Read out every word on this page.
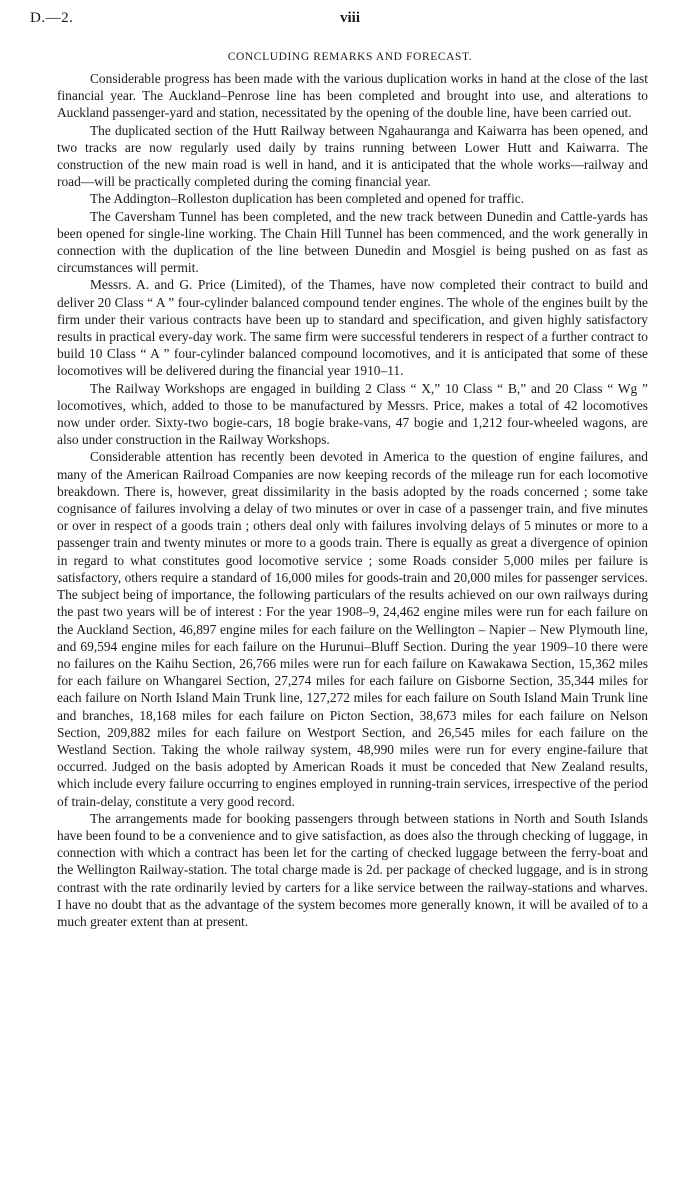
D.—2.	viii
CONCLUDING REMARKS AND FORECAST.

Considerable progress has been made with the various duplication works in hand at the close of the last financial year. The Auckland–Penrose line has been completed and brought into use, and alterations to Auckland passenger-yard and station, necessitated by the opening of the double line, have been carried out.

The duplicated section of the Hutt Railway between Ngahauranga and Kaiwarra has been opened, and two tracks are now regularly used daily by trains running between Lower Hutt and Kaiwarra. The construction of the new main road is well in hand, and it is anticipated that the whole works—railway and road—will be practically completed during the coming financial year.

The Addington–Rolleston duplication has been completed and opened for traffic.

The Caversham Tunnel has been completed, and the new track between Dunedin and Cattle-yards has been opened for single-line working. The Chain Hill Tunnel has been commenced, and the work generally in connection with the duplication of the line between Dunedin and Mosgiel is being pushed on as fast as circumstances will permit.

Messrs. A. and G. Price (Limited), of the Thames, have now completed their contract to build and deliver 20 Class “ A ” four-cylinder balanced compound tender engines. The whole of the engines built by the firm under their various contracts have been up to standard and specification, and given highly satisfactory results in practical every-day work. The same firm were successful tenderers in respect of a further contract to build 10 Class “ A ” four-cylinder balanced compound locomotives, and it is anticipated that some of these locomotives will be delivered during the financial year 1910–11.

The Railway Workshops are engaged in building 2 Class “ X,” 10 Class “ B,” and 20 Class “ Wg ” locomotives, which, added to those to be manufactured by Messrs. Price, makes a total of 42 locomotives now under order. Sixty-two bogie-cars, 18 bogie brake-vans, 47 bogie and 1,212 four-wheeled wagons, are also under construction in the Railway Workshops.

Considerable attention has recently been devoted in America to the question of engine failures, and many of the American Railroad Companies are now keeping records of the mileage run for each locomotive breakdown. There is, however, great dissimilarity in the basis adopted by the roads concerned ; some take cognisance of failures involving a delay of two minutes or over in case of a passenger train, and five minutes or over in respect of a goods train ; others deal only with failures involving delays of 5 minutes or more to a passenger train and twenty minutes or more to a goods train. There is equally as great a divergence of opinion in regard to what constitutes good locomotive service ; some Roads consider 5,000 miles per failure is satisfactory, others require a standard of 16,000 miles for goods-train and 20,000 miles for passenger services. The subject being of importance, the following particulars of the results achieved on our own railways during the past two years will be of interest : For the year 1908–9, 24,462 engine miles were run for each failure on the Auckland Section, 46,897 engine miles for each failure on the Wellington – Napier – New Plymouth line, and 69,594 engine miles for each failure on the Hurunui–Bluff Section. During the year 1909–10 there were no failures on the Kaihu Section, 26,766 miles were run for each failure on Kawakawa Section, 15,362 miles for each failure on Whangarei Section, 27,274 miles for each failure on Gisborne Section, 35,344 miles for each failure on North Island Main Trunk line, 127,272 miles for each failure on South Island Main Trunk line and branches, 18,168 miles for each failure on Picton Section, 38,673 miles for each failure on Nelson Section, 209,882 miles for each failure on Westport Section, and 26,545 miles for each failure on the Westland Section. Taking the whole railway system, 48,990 miles were run for every engine-failure that occurred. Judged on the basis adopted by American Roads it must be conceded that New Zealand results, which include every failure occurring to engines employed in running-train services, irrespective of the period of train-delay, constitute a very good record.

The arrangements made for booking passengers through between stations in North and South Islands have been found to be a convenience and to give satisfaction, as does also the through checking of luggage, in connection with which a contract has been let for the carting of checked luggage between the ferry-boat and the Wellington Railway-station. The total charge made is 2d. per package of checked luggage, and is in strong contrast with the rate ordinarily levied by carters for a like service between the railway-stations and wharves. I have no doubt that as the advantage of the system becomes more generally known, it will be availed of to a much greater extent than at present.
